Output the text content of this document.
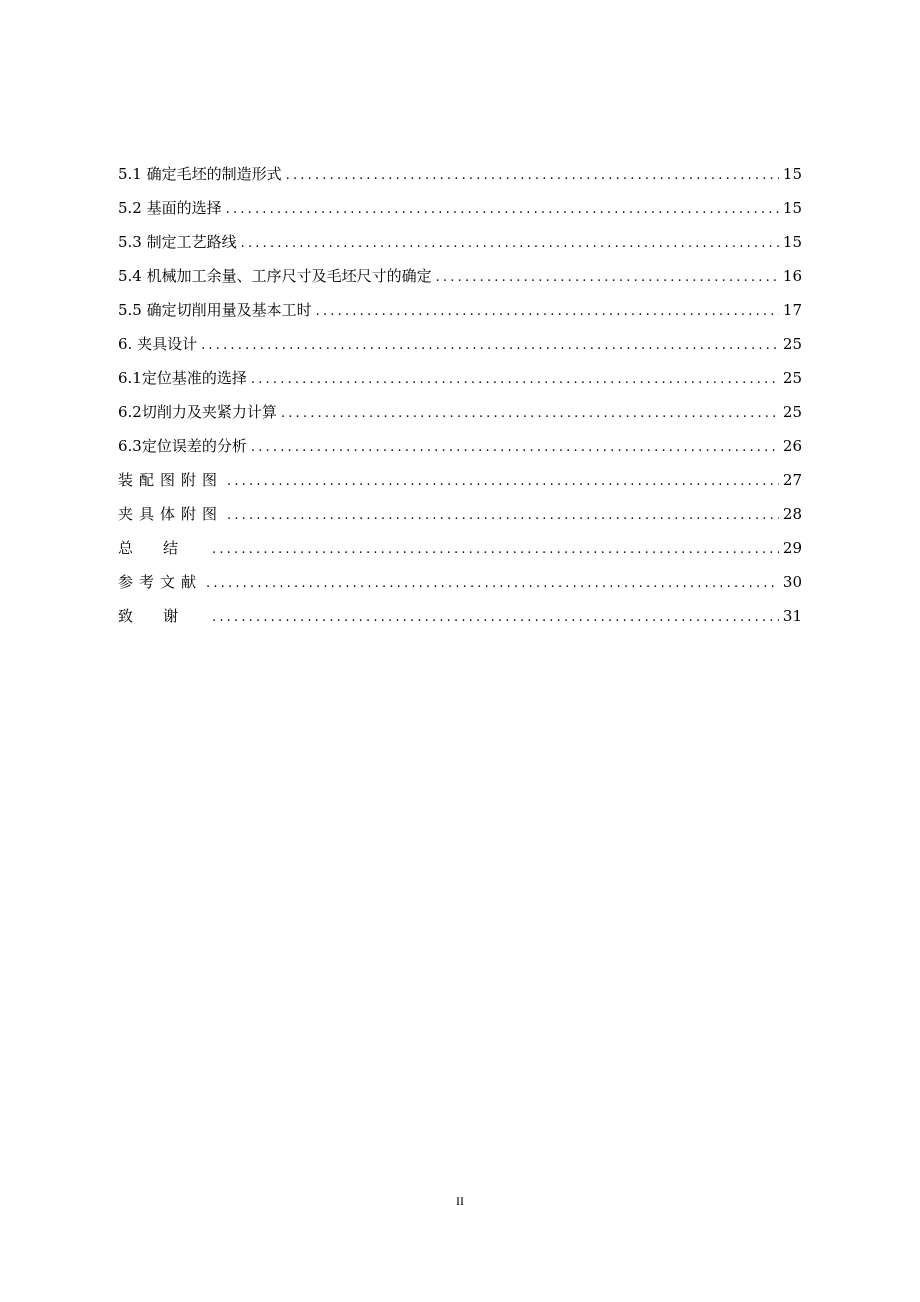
5.1 确定毛坯的制造形式 .....	15
5.2 基面的选择 .....	15
5.3 制定工艺路线 .....	15
5.4 机械加工余量、工序尺寸及毛坯尺寸的确定 .....	16
5.5 确定切削用量及基本工时 .....	17
6. 夹具设计 .....	25
6.1定位基准的选择 .....	25
6.2切削力及夹紧力计算 .....	25
6.3定位误差的分析 .....	26
装配图附图 .....	27
夹具体附图 .....	28
总结 .....	29
参考文献 .....	30
致谢 .....	31
II
